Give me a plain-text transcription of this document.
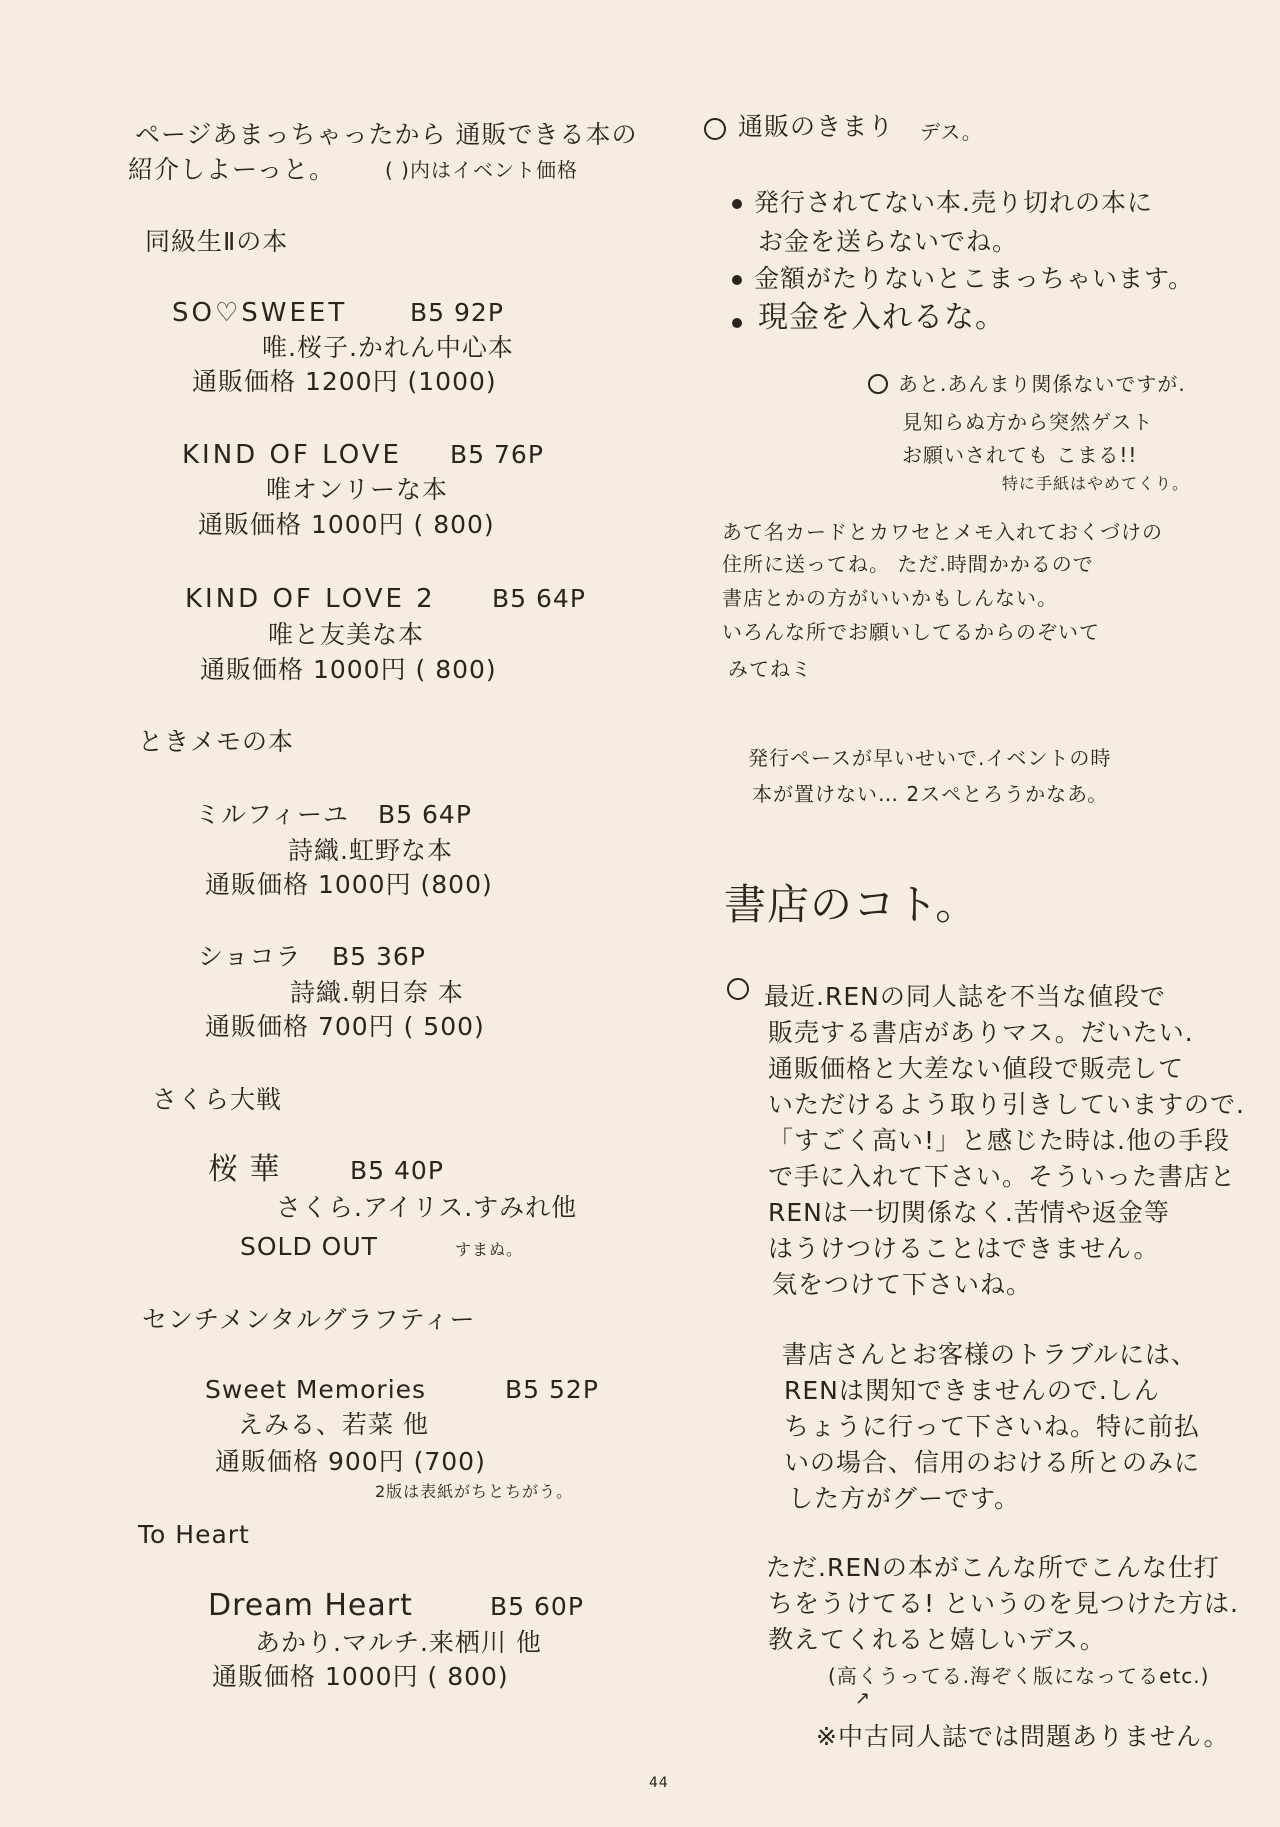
ページあまっちゃったから 通販できる本の
紹介しよーっと。 ( )内はイベント価格
同級生Ⅱの本
SO♡SWEET	B5 92P
唯.桜子.かれん中心本
通販価格 1200円 (1000)
KIND OF LOVE B5 76P
唯オンリーな本
通販価格 1000円 ( 800)
KIND OF LOVE 2 B5 64P
唯と友美な本
通販価格 1000円 ( 800)
ときメモの本
ミルフィーユ B5 64P
詩織.虹野な本
通販価格 1000円 (800)
ショコラ B5 36P
詩織.朝日奈 本
通販価格 700円 ( 500)
さくら大戦
桜 華	B5 40P
さくら.アイリス.すみれ他
SOLD OUT	すまぬ。
センチメンタルグラフティー
Sweet Memories	B5 52P
えみる、若菜 他
通販価格 900円 (700)
2版は表紙がちとちがう。
To Heart
Dream Heart	B5 60P
あかり.マルチ.来栖川 他
通販価格 1000円 ( 800)
通販のきまり デス。
発行されてない本.売り切れの本に
お金を送らないでね。
金額がたりないとこまっちゃいます。
現金を入れるな。
あと.あんまり関係ないですが.
見知らぬ方から突然ゲスト
お願いされても こまる!!
特に手紙はやめてくり。
あて名カードとカワセとメモ入れておくづけの
住所に送ってね。 ただ.時間かかるので
書店とかの方がいいかもしんない。
いろんな所でお願いしてるからのぞいて
みてねミ
発行ペースが早いせいで.イベントの時
本が置けない… 2スペとろうかなあ。
書店のコト。
最近.RENの同人誌を不当な値段で
販売する書店がありマス。だいたい.
通販価格と大差ない値段で販売して
いただけるよう取り引きしていますので.
「すごく高い!」と感じた時は.他の手段
で手に入れて下さい。そういった書店と
RENは一切関係なく.苦情や返金等
はうけつけることはできません。
気をつけて下さいね。
書店さんとお客様のトラブルには、
RENは関知できませんので.しん
ちょうに行って下さいね。特に前払
いの場合、信用のおける所とのみに
した方がグーです。
ただ.RENの本がこんな所でこんな仕打
ちをうけてる! というのを見つけた方は.
教えてくれると嬉しいデス。
(高くうってる.海ぞく版になってるetc.)
↗
※中古同人誌では問題ありません。
44
